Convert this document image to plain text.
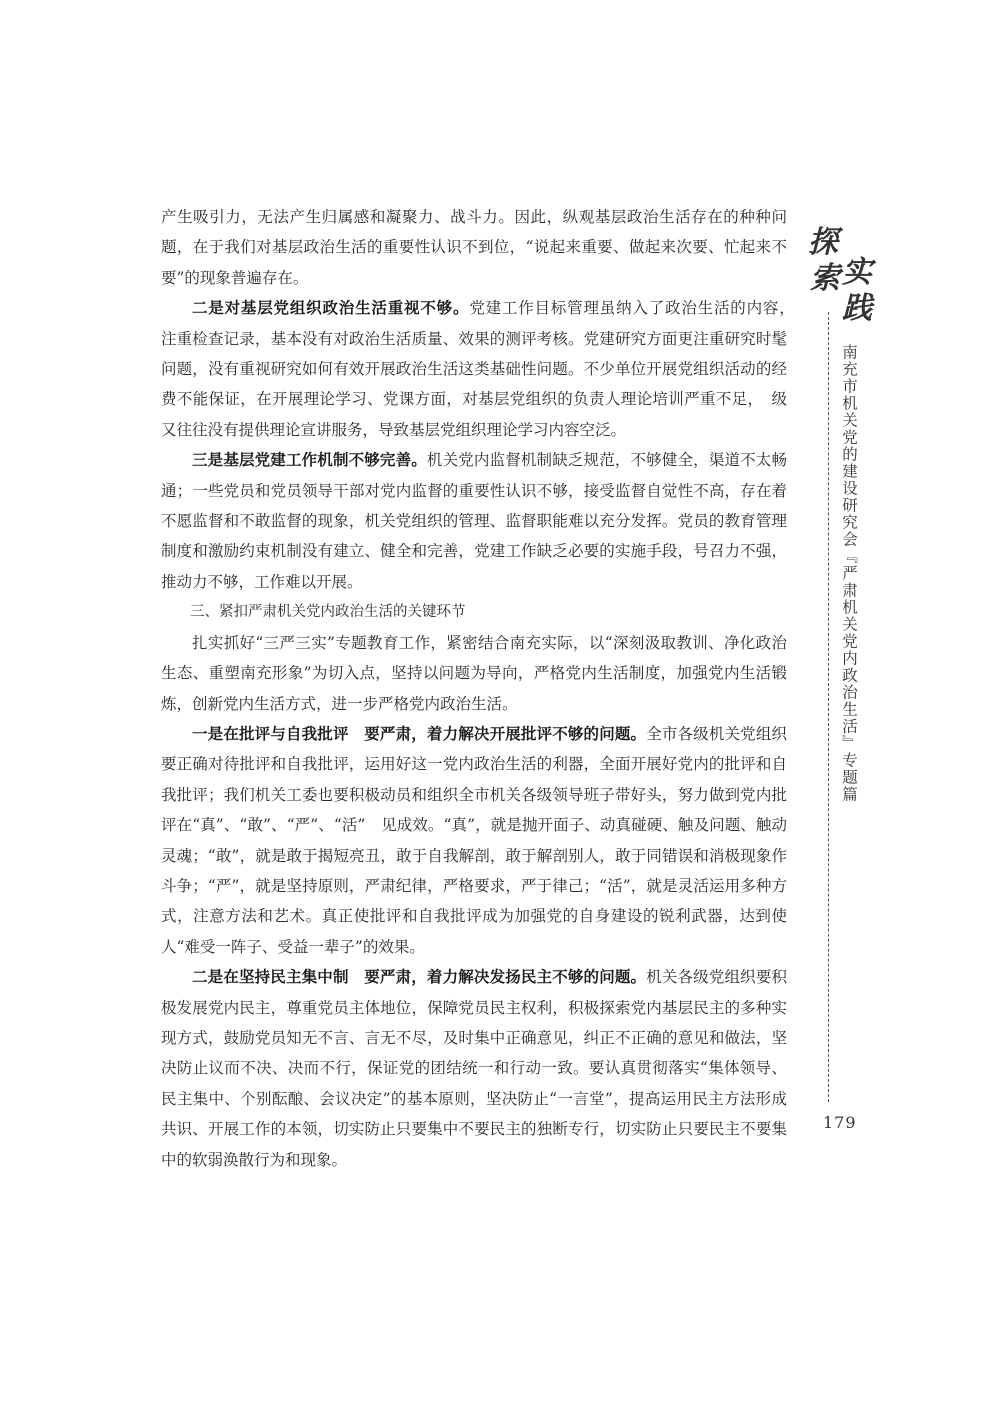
产生吸引力，无法产生归属感和凝聚力、战斗力。因此，纵观基层政治生活存在的种种问题，在于我们对基层政治生活的重要性认识不到位，“说起来重要、做起来次要、忙起来不要”的现象普遍存在。

二是对基层党组织政治生活重视不够。党建工作目标管理虽纳入了政治生活的内容，　注重检查记录，基本没有对政治生活质量、效果的测评考核。党建研究方面更注重研究时髦问题，没有重视研究如何有效开展政治生活这类基础性问题。不少单位开展党组织活动的经费不能保证，在开展理论学习、党课方面，对基层党组织的负责人理论培训严重不足，　级又往往没有提供理论宣讲服务，导致基层党组织理论学习内容空泛。

三是基层党建工作机制不够完善。机关党内监督机制缺乏规范，不够健全，渠道不太畅通；一些党员和党员领导干部对党内监督的重要性认识不够，接受监督自觉性不高，存在着不愿监督和不敢监督的现象，机关党组织的管理、监督职能难以充分发挥。党员的教育管理制度和激励约束机制没有建立、健全和完善，党建工作缺乏必要的实施手段，号召力不强，推动力不够，工作难以开展。

三、紧扣严肃机关党内政治生活的关键环节

扎实抓好“三严三实”专题教育工作，紧密结合南充实际，以“深刻汲取教训、净化政治生态、重塑南充形象”为切入点，坚持以问题为导向，严格党内生活制度，加强党内生活锻炼，创新党内生活方式，进一步严格党内政治生活。

一是在批评与自我批评　要严肃，着力解决开展批评不够的问题。全市各级机关党组织要正确对待批评和自我批评，运用好这一党内政治生活的利器，全面开展好党内的批评和自我批评；我们机关工委也要积极动员和组织全市机关各级领导班子带好头，努力做到党内批评在“真”、“敢”、“严”、“活”　见成效。“真”，就是抛开面子、动真碰硬、触及问题、触动灵魂；“敢”，就是敢于揭短亮丑，敢于自我解剖，敢于解剖别人，敢于同错误和消极现象作斗争；“严”，就是坚持原则，严肃纪律，严格要求，严于律己；“活”，就是灵活运用多种方式，注意方法和艺术。真正使批评和自我批评成为加强党的自身建设的锐利武器，达到使人“难受一阵子、受益一辈子”的效果。

二是在坚持民主集中制　要严肃，着力解决发扬民主不够的问题。机关各级党组织要积极发展党内民主，尊重党员主体地位，保障党员民主权利，积极探索党内基层民主的多种实现方式，鼓励党员知无不言、言无不尽，及时集中正确意见，纠正不正确的意见和做法，坚决防止议而不决、决而不行，保证党的团结统一和行动一致。要认真贯彻落实“集体领导、民主集中、个别酝酿、会议决定”的基本原则，坚决防止“一言堂”，提高运用民主方法形成共识、开展工作的本领，切实防止只要集中不要民主的独断专行，切实防止只要民主不要集中的软弱涣散行为和现象。

探
索 实
践
南充市机关党的建设研究会『严肃机关党内政治生活』专题篇
179
